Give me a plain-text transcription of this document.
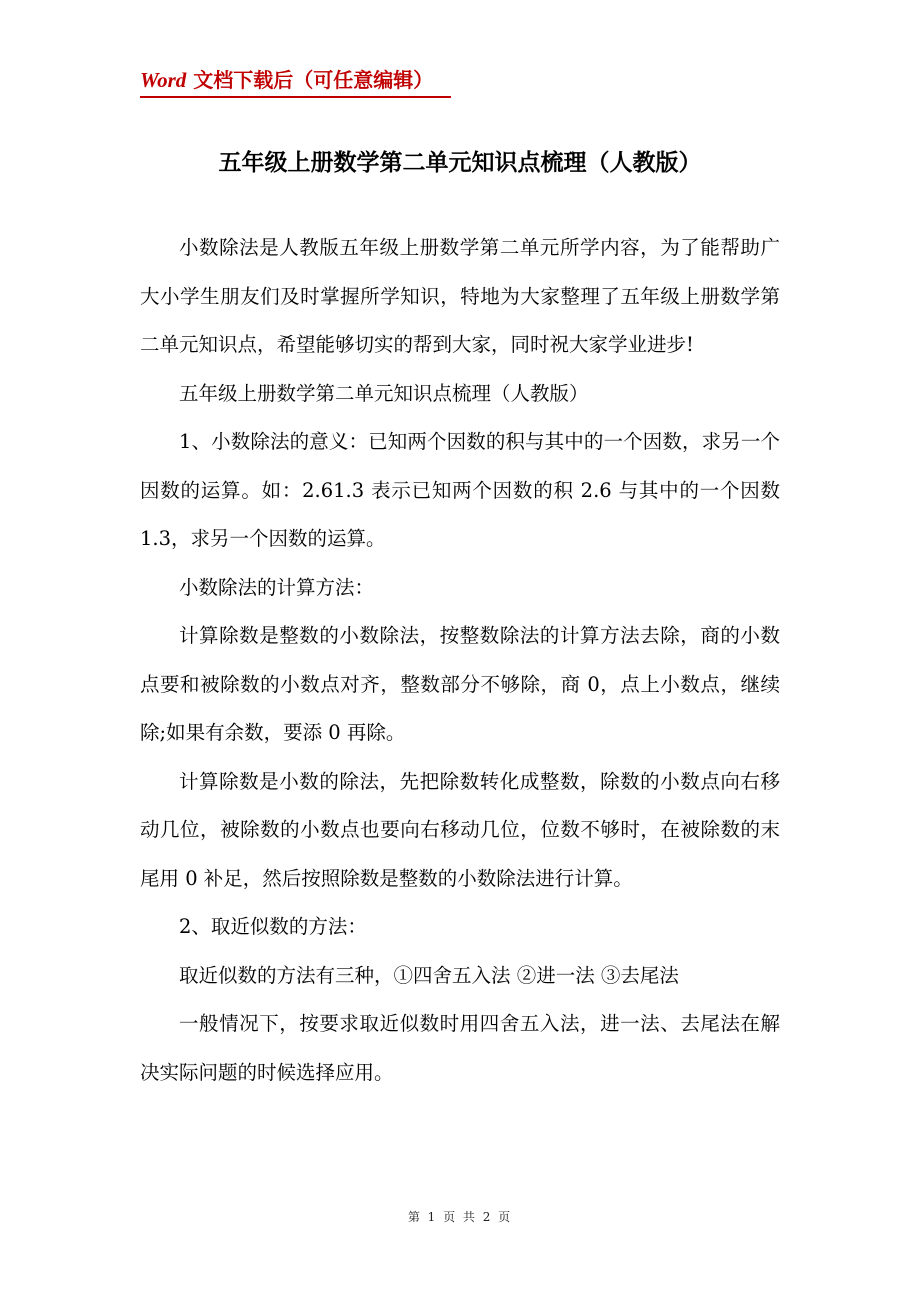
Word 文档下载后（可任意编辑）
五年级上册数学第二单元知识点梳理（人教版）

小数除法是人教版五年级上册数学第二单元所学内容，为了能帮助广大小学生朋友们及时掌握所学知识，特地为大家整理了五年级上册数学第二单元知识点，希望能够切实的帮到大家，同时祝大家学业进步!

五年级上册数学第二单元知识点梳理（人教版）

1、小数除法的意义：已知两个因数的积与其中的一个因数，求另一个因数的运算。如：2.61.3 表示已知两个因数的积 2.6 与其中的一个因数 1.3，求另一个因数的运算。

小数除法的计算方法：

计算除数是整数的小数除法，按整数除法的计算方法去除，商的小数点要和被除数的小数点对齐，整数部分不够除，商 0，点上小数点，继续除;如果有余数，要添 0 再除。

计算除数是小数的除法，先把除数转化成整数，除数的小数点向右移动几位，被除数的小数点也要向右移动几位，位数不够时，在被除数的末尾用 0 补足，然后按照除数是整数的小数除法进行计算。

2、取近似数的方法：

取近似数的方法有三种，①四舍五入法 ②进一法 ③去尾法

一般情况下，按要求取近似数时用四舍五入法，进一法、去尾法在解决实际问题的时候选择应用。

第 1 页 共 2 页
